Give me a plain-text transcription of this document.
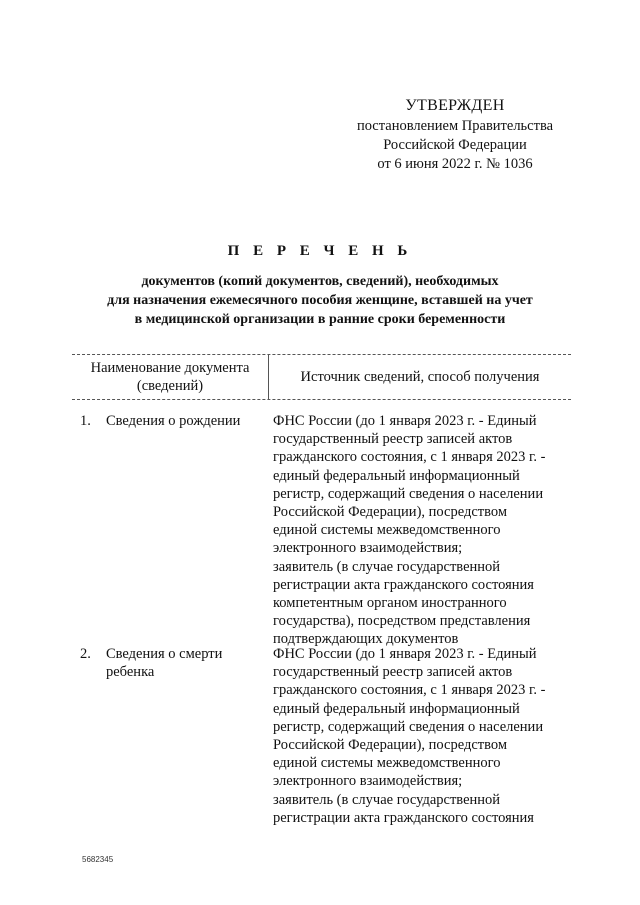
УТВЕРЖДЕН
постановлением Правительства
Российской Федерации
от 6 июня 2022 г. № 1036
П Е Р Е Ч Е Н Ь
документов (копий документов, сведений), необходимых
для назначения ежемесячного пособия женщине, вставшей на учет
в медицинской организации в ранние сроки беременности
Наименование документа
(сведений)
Источник сведений, способ получения
1. Сведения о рождении	ФНС России (до 1 января 2023 г. - Единый
государственный реестр записей актов
гражданского состояния, с 1 января 2023 г. -
единый федеральный информационный
регистр, содержащий сведения о населении
Российской Федерации), посредством
единой системы межведомственного
электронного взаимодействия;
заявитель (в случае государственной
регистрации акта гражданского состояния
компетентным органом иностранного
государства), посредством представления
подтверждающих документов
2. Сведения о смерти
ребенка
ФНС России (до 1 января 2023 г. - Единый
государственный реестр записей актов
гражданского состояния, с 1 января 2023 г. -
единый федеральный информационный
регистр, содержащий сведения о населении
Российской Федерации), посредством
единой системы межведомственного
электронного взаимодействия;
заявитель (в случае государственной
регистрации акта гражданского состояния
5682345
